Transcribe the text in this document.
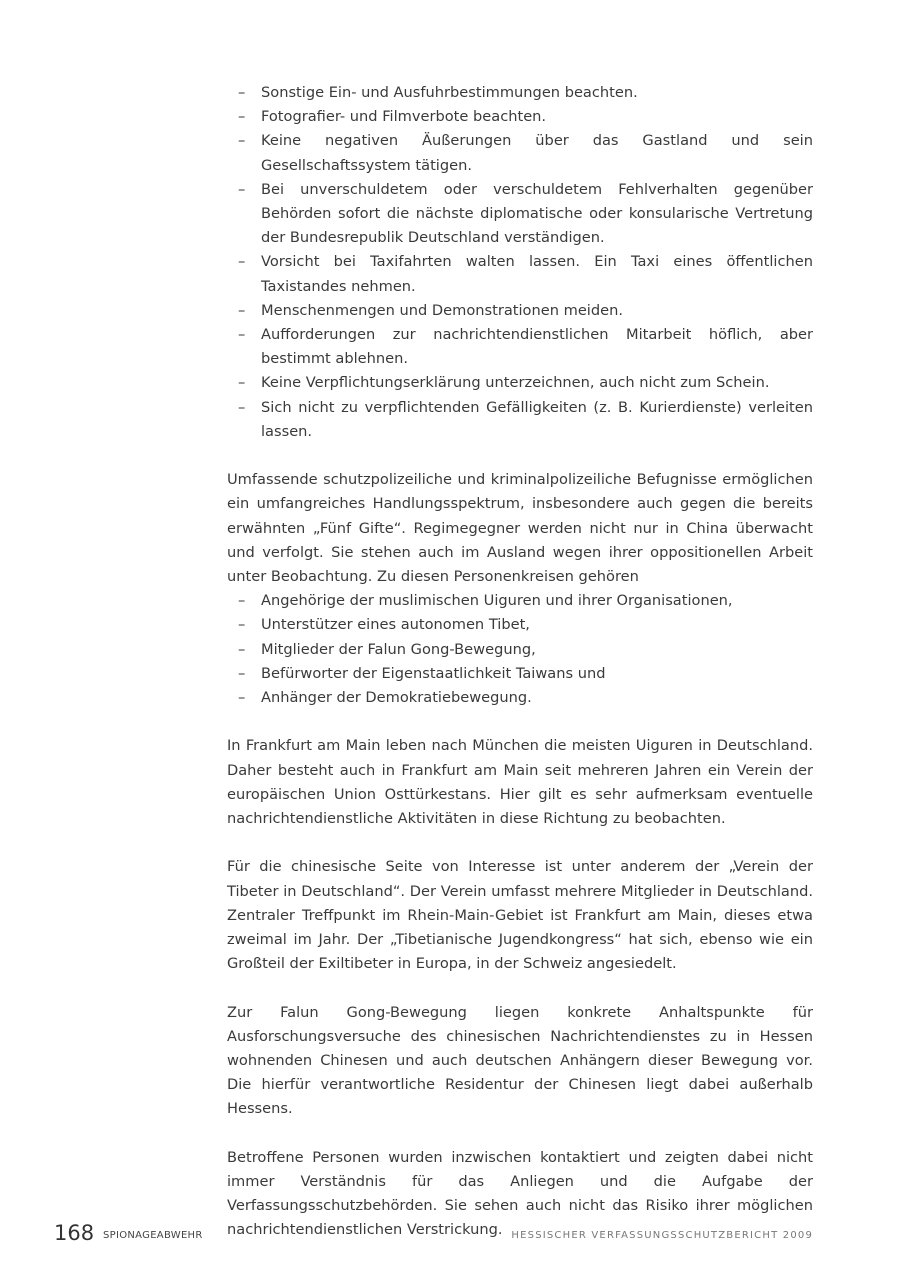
– Sonstige Ein- und Ausfuhrbestimmungen beachten.
– Fotografier- und Filmverbote beachten.
– Keine negativen Äußerungen über das Gastland und sein Gesellschaftssystem tätigen.
– Bei unverschuldetem oder verschuldetem Fehlverhalten gegenüber Behörden sofort die nächste diplomatische oder konsularische Vertretung der Bundesrepublik Deutschland verständigen.
– Vorsicht bei Taxifahrten walten lassen. Ein Taxi eines öffentlichen Taxistandes nehmen.
– Menschenmengen und Demonstrationen meiden.
– Aufforderungen zur nachrichtendienstlichen Mitarbeit höflich, aber bestimmt ablehnen.
– Keine Verpflichtungserklärung unterzeichnen, auch nicht zum Schein.
– Sich nicht zu verpflichtenden Gefälligkeiten (z. B. Kurierdienste) verleiten lassen.

Umfassende schutzpolizeiliche und kriminalpolizeiliche Befugnisse ermöglichen ein umfangreiches Handlungsspektrum, insbesondere auch gegen die bereits erwähnten „Fünf Gifte“. Regimegegner werden nicht nur in China überwacht und verfolgt. Sie stehen auch im Ausland wegen ihrer oppositionellen Arbeit unter Beobachtung. Zu diesen Personenkreisen gehören

– Angehörige der muslimischen Uiguren und ihrer Organisationen,
– Unterstützer eines autonomen Tibet,
– Mitglieder der Falun Gong-Bewegung,
– Befürworter der Eigenstaatlichkeit Taiwans und
– Anhänger der Demokratiebewegung.

In Frankfurt am Main leben nach München die meisten Uiguren in Deutschland. Daher besteht auch in Frankfurt am Main seit mehreren Jahren ein Verein der europäischen Union Osttürkestans. Hier gilt es sehr aufmerksam eventuelle nachrichtendienstliche Aktivitäten in diese Richtung zu beobachten.

Für die chinesische Seite von Interesse ist unter anderem der „Verein der Tibeter in Deutschland“. Der Verein umfasst mehrere Mitglieder in Deutschland. Zentraler Treffpunkt im Rhein-Main-Gebiet ist Frankfurt am Main, dieses etwa zweimal im Jahr. Der „Tibetianische Jugendkongress“ hat sich, ebenso wie ein Großteil der Exiltibeter in Europa, in der Schweiz angesiedelt.

Zur Falun Gong-Bewegung liegen konkrete Anhaltspunkte für Ausforschungsversuche des chinesischen Nachrichtendienstes zu in Hessen wohnenden Chinesen und auch deutschen Anhängern dieser Bewegung vor. Die hierfür verantwortliche Residentur der Chinesen liegt dabei außerhalb Hessens.

Betroffene Personen wurden inzwischen kontaktiert und zeigten dabei nicht immer Verständnis für das Anliegen und die Aufgabe der Verfassungsschutzbehörden. Sie sehen auch nicht das Risiko ihrer möglichen nachrichtendienstlichen Verstrickung.

168 SPIONAGEABWEHR	HESSISCHER VERFASSUNGSSCHUTZBERICHT 2009
